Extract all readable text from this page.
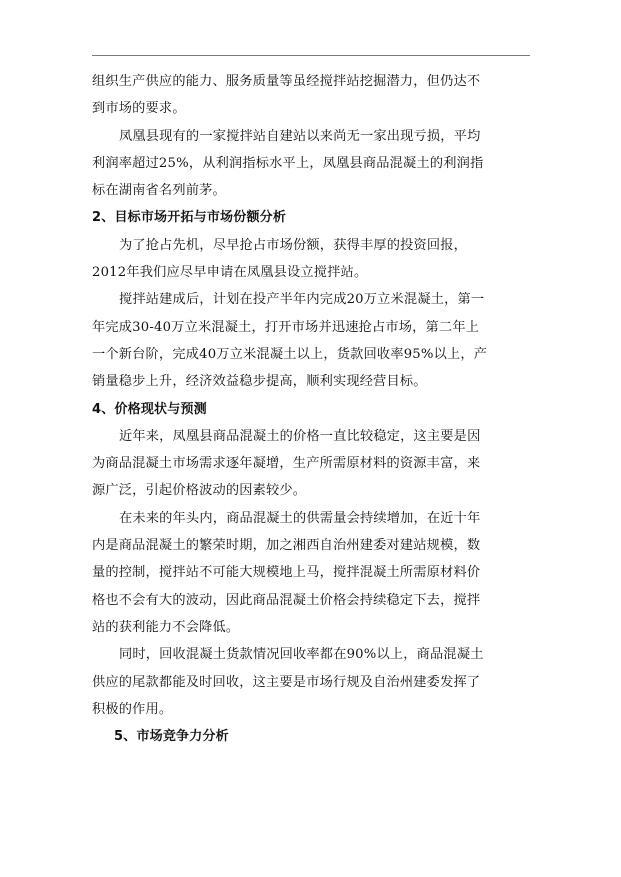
组织生产供应的能力、服务质量等虽经搅拌站挖掘潜力，但仍达不
到市场的要求。
凤凰县现有的一家搅拌站自建站以来尚无一家出现亏损，平均
利润率超过25%，从利润指标水平上，凤凰县商品混凝土的利润指
标在湖南省名列前茅。
2、目标市场开拓与市场份额分析
为了抢占先机，尽早抢占市场份额，获得丰厚的投资回报，
2012年我们应尽早申请在凤凰县设立搅拌站。
搅拌站建成后，计划在投产半年内完成20万立米混凝土，第一
年完成30-40万立米混凝土，打开市场并迅速抢占市场，第二年上
一个新台阶，完成40万立米混凝土以上，货款回收率95%以上，产
销量稳步上升，经济效益稳步提高，顺利实现经营目标。
4、价格现状与预测
近年来，凤凰县商品混凝土的价格一直比较稳定，这主要是因
为商品混凝土市场需求逐年凝增，生产所需原材料的资源丰富，来
源广泛，引起价格波动的因素较少。
在未来的年头内，商品混凝土的供需量会持续增加，在近十年
内是商品混凝土的繁荣时期，加之湘西自治州建委对建站规模，数
量的控制，搅拌站不可能大规模地上马，搅拌混凝土所需原材料价
格也不会有大的波动，因此商品混凝土价格会持续稳定下去，搅拌
站的获利能力不会降低。
同时，回收混凝土货款情况回收率都在90%以上，商品混凝土
供应的尾款都能及时回收，这主要是市场行规及自治州建委发挥了
积极的作用。
5、市场竞争力分析
